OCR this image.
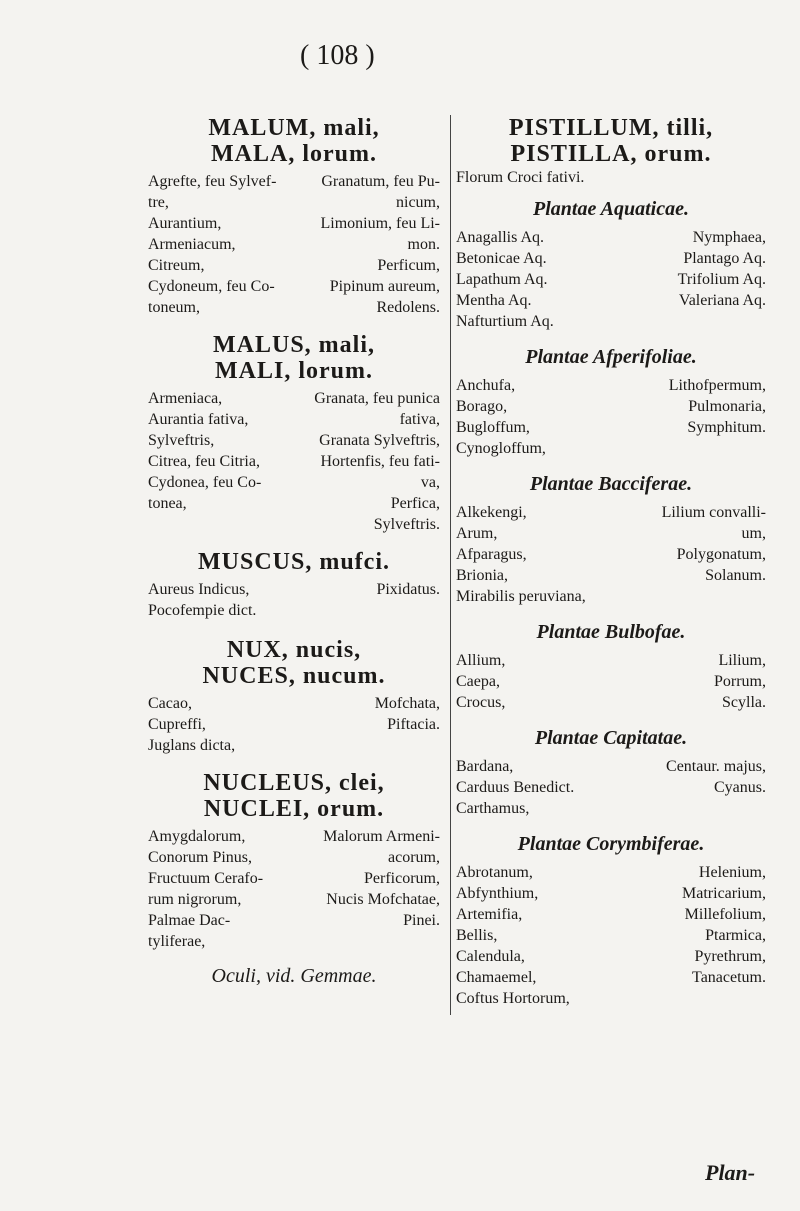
( 108 )
MALUM, mali,
MALA, lorum.
Agrefte, feu Sylvef-	Granatum, feu Pu-
tre,	nicum,
Aurantium,	Limonium, feu Li-
Armeniacum,	mon.
Citreum,	Perficum,
Cydoneum, feu Co-	Pipinum aureum,
toneum,	Redolens.
MALUS, mali,
MALI, lorum.
Armeniaca,	Granata, feu punica
Aurantia fativa,	fativa,
Sylveftris,	Granata Sylveftris,
Citrea, feu Citria,	Hortenfis, feu fati-
Cydonea, feu Co-	va,
tonea,	Perfica,
Sylveftris.
MUSCUS, mufci.
Aureus Indicus,	Pixidatus.
Pocofempie dict.
NUX, nucis,
NUCES, nucum.
Cacao,	Mofchata,
Cupreffi,	Piftacia.
Juglans dicta,
NUCLEUS, clei,
NUCLEI, orum.
Amygdalorum,	Malorum Armeni-
Conorum Pinus,	acorum,
Fructuum Cerafo-	Perficorum,
rum nigrorum,	Nucis Mofchatae,
Palmae Dac-	Pinei.
tyliferae,
Oculi, vid. Gemmae.
PISTILLUM, tilli,
PISTILLA, orum.
Florum Croci fativi.
Plantae Aquaticae.
Anagallis Aq.	Nymphaea,
Betonicae Aq.	Plantago Aq.
Lapathum Aq.	Trifolium Aq.
Mentha Aq.	Valeriana Aq.
Nafturtium Aq.
Plantae Afperifoliae.
Anchufa,	Lithofpermum,
Borago,	Pulmonaria,
Bugloffum,	Symphitum.
Cynogloffum,
Plantae Bacciferae.
Alkekengi,	Lilium convalli-
Arum,	um,
Afparagus,	Polygonatum,
Brionia,	Solanum.
Mirabilis peruviana,
Plantae Bulbofae.
Allium,	Lilium,
Caepa,	Porrum,
Crocus,	Scylla.
Plantae Capitatae.
Bardana,	Centaur. majus,
Carduus Benedict.	Cyanus.
Carthamus,
Plantae Corymbiferae.
Abrotanum,	Helenium,
Abfynthium,	Matricarium,
Artemifia,	Millefolium,
Bellis,	Ptarmica,
Calendula,	Pyrethrum,
Chamaemel,	Tanacetum.
Coftus Hortorum,
Plan-
